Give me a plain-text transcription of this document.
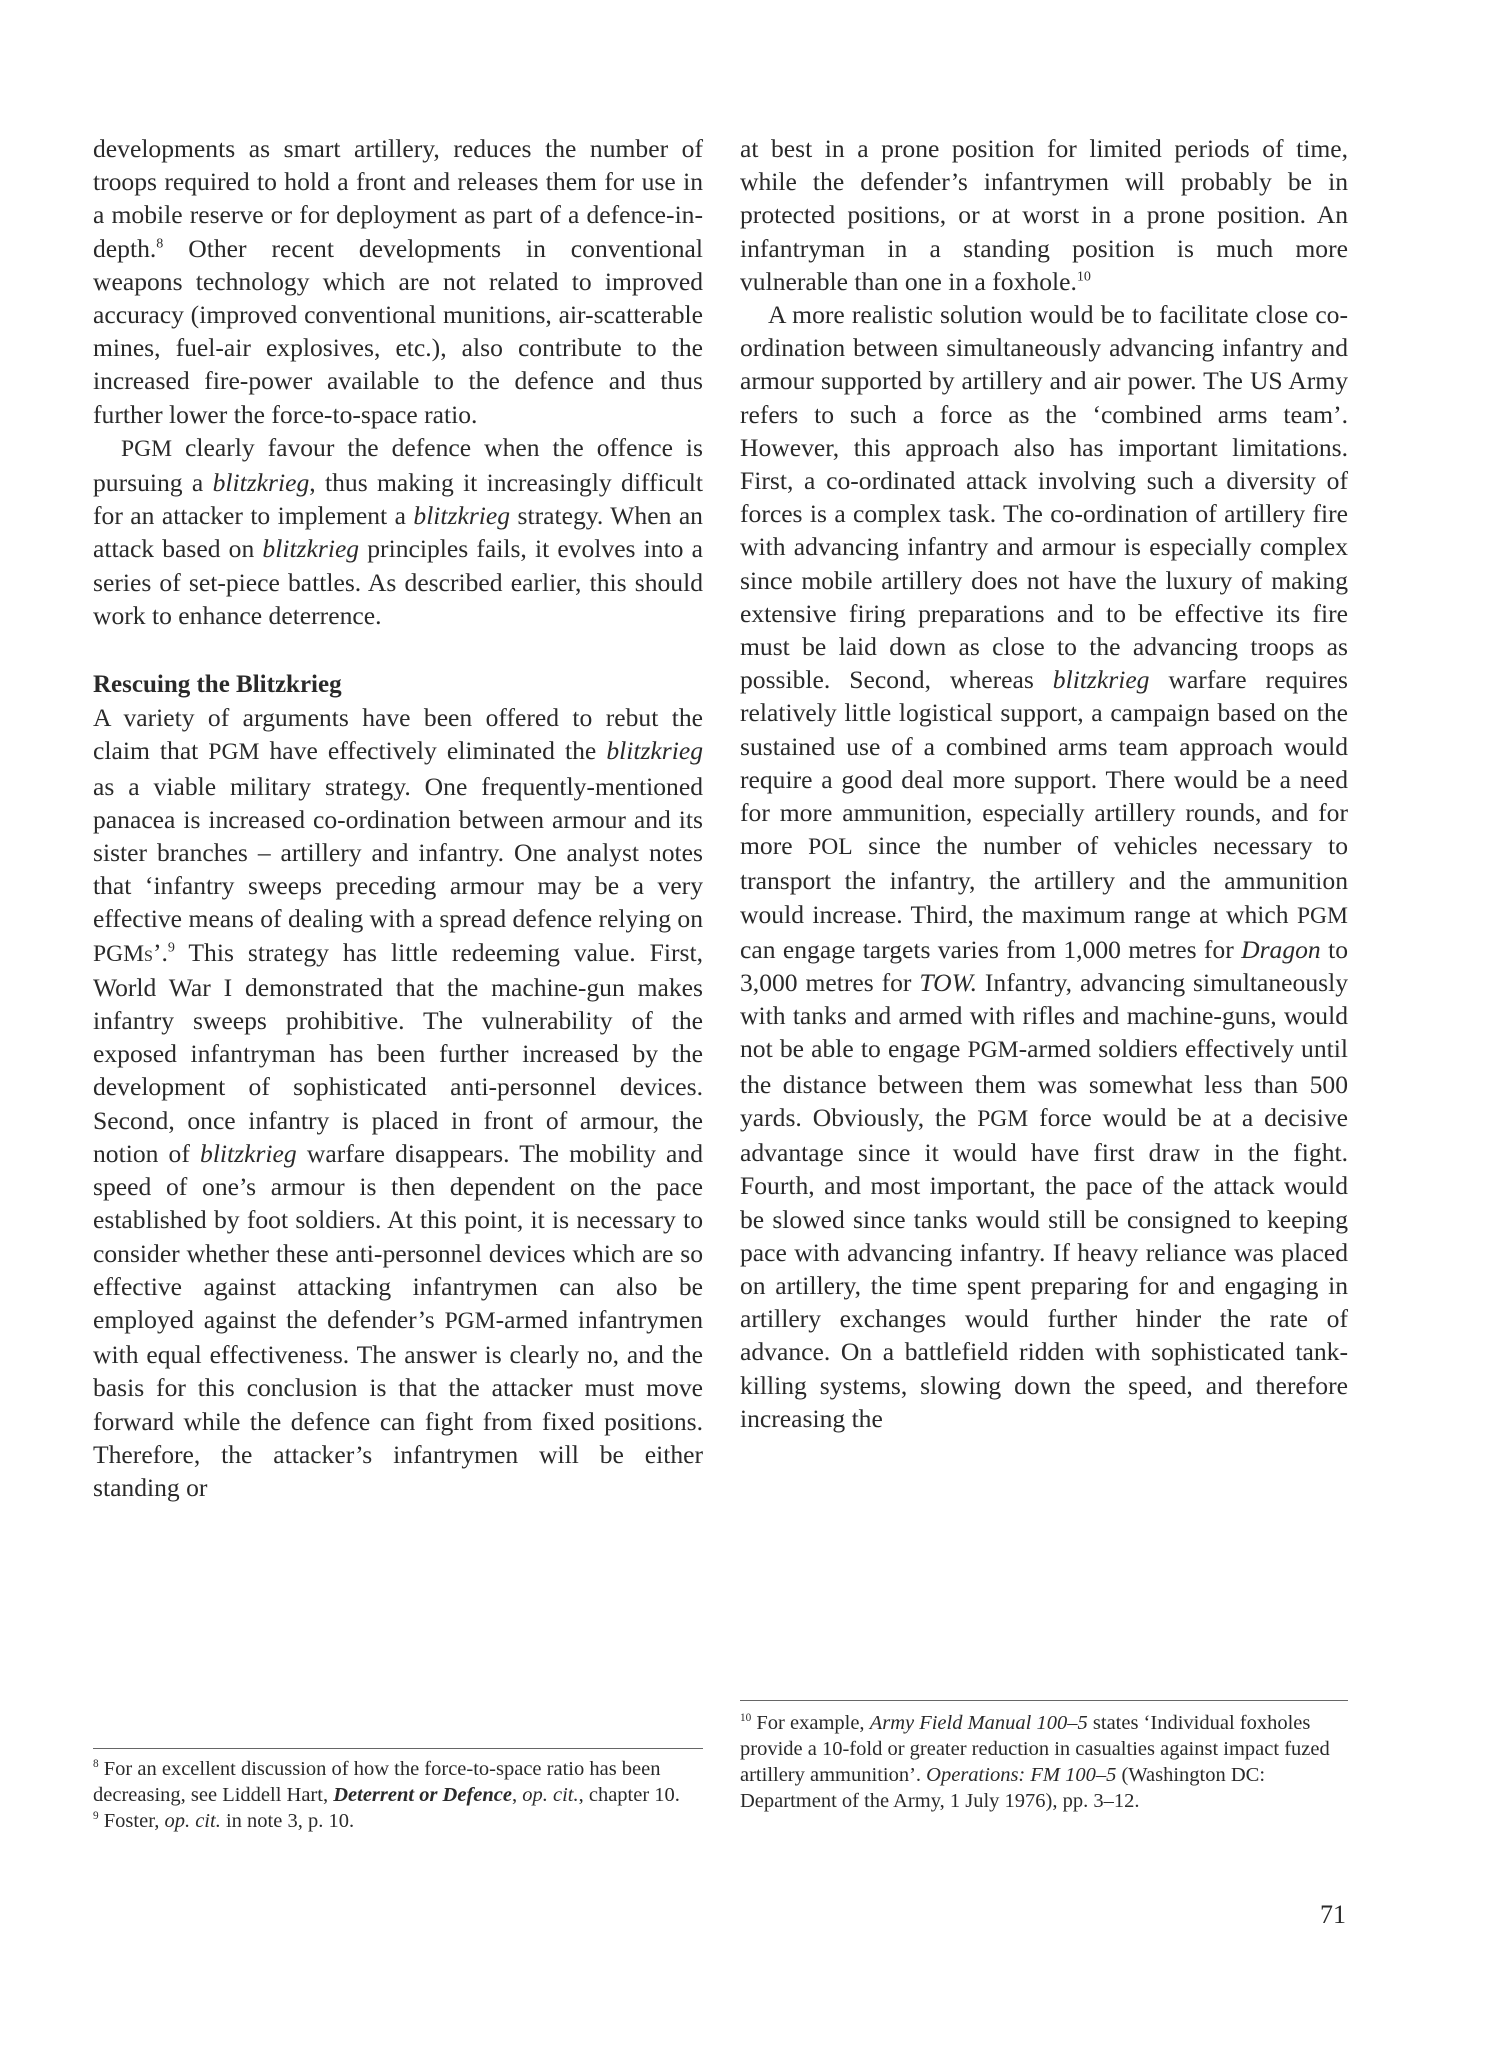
developments as smart artillery, reduces the number of troops required to hold a front and releases them for use in a mobile reserve or for deployment as part of a defence-in-depth.$^8$ Other recent developments in conventional weapons technology which are not related to improved accuracy (improved conventional munitions, air-scatterable mines, fuel-air explosives, etc.), also contribute to the increased fire-power available to the defence and thus further lower the force-to-space ratio.

PGM clearly favour the defence when the offence is pursuing a blitzkrieg, thus making it increasingly difficult for an attacker to implement a blitzkrieg strategy. When an attack based on blitzkrieg principles fails, it evolves into a series of set-piece battles. As described earlier, this should work to enhance deterrence.

Rescuing the Blitzkrieg

A variety of arguments have been offered to rebut the claim that PGM have effectively eliminated the blitzkrieg as a viable military strategy. One frequently-mentioned panacea is increased co-ordination between armour and its sister branches – artillery and infantry. One analyst notes that ‘infantry sweeps preceding armour may be a very effective means of dealing with a spread defence relying on PGMs’.$^9$ This strategy has little redeeming value. First, World War I demonstrated that the machine-gun makes infantry sweeps prohibitive. The vulnerability of the exposed infantryman has been further increased by the development of sophisticated anti-personnel devices. Second, once infantry is placed in front of armour, the notion of blitzkrieg warfare disappears. The mobility and speed of one’s armour is then dependent on the pace established by foot soldiers. At this point, it is necessary to consider whether these anti-personnel devices which are so effective against attacking infantrymen can also be employed against the defender’s PGM-armed infantrymen with equal effectiveness. The answer is clearly no, and the basis for this conclusion is that the attacker must move forward while the defence can fight from fixed positions. Therefore, the attacker’s infantrymen will be either standing or

at best in a prone position for limited periods of time, while the defender’s infantrymen will probably be in protected positions, or at worst in a prone position. An infantryman in a standing position is much more vulnerable than one in a foxhole.$^{10}$

A more realistic solution would be to facilitate close co-ordination between simultaneously advancing infantry and armour supported by artillery and air power. The US Army refers to such a force as the ‘combined arms team’. However, this approach also has important limitations. First, a co-ordinated attack involving such a diversity of forces is a complex task. The co-ordination of artillery fire with advancing infantry and armour is especially complex since mobile artillery does not have the luxury of making extensive firing preparations and to be effective its fire must be laid down as close to the advancing troops as possible. Second, whereas blitzkrieg warfare requires relatively little logistical support, a campaign based on the sustained use of a combined arms team approach would require a good deal more support. There would be a need for more ammunition, especially artillery rounds, and for more POL since the number of vehicles necessary to transport the infantry, the artillery and the ammunition would increase. Third, the maximum range at which PGM can engage targets varies from 1,000 metres for Dragon to 3,000 metres for TOW. Infantry, advancing simultaneously with tanks and armed with rifles and machine-guns, would not be able to engage PGM-armed soldiers effectively until the distance between them was somewhat less than 500 yards. Obviously, the PGM force would be at a decisive advantage since it would have first draw in the fight. Fourth, and most important, the pace of the attack would be slowed since tanks would still be consigned to keeping pace with advancing infantry. If heavy reliance was placed on artillery, the time spent preparing for and engaging in artillery exchanges would further hinder the rate of advance. On a battlefield ridden with sophisticated tank-killing systems, slowing down the speed, and therefore increasing the

$^8$ For an excellent discussion of how the force-to-space ratio has been decreasing, see Liddell Hart, Deterrent or Defence, op. cit., chapter 10.

$^9$ Foster, op. cit. in note 3, p. 10.

$^{10}$ For example, Army Field Manual 100–5 states ‘Individual foxholes provide a 10-fold or greater reduction in casualties against impact fuzed artillery ammunition’. Operations: FM 100–5 (Washington DC: Department of the Army, 1 July 1976), pp. 3–12.

71
